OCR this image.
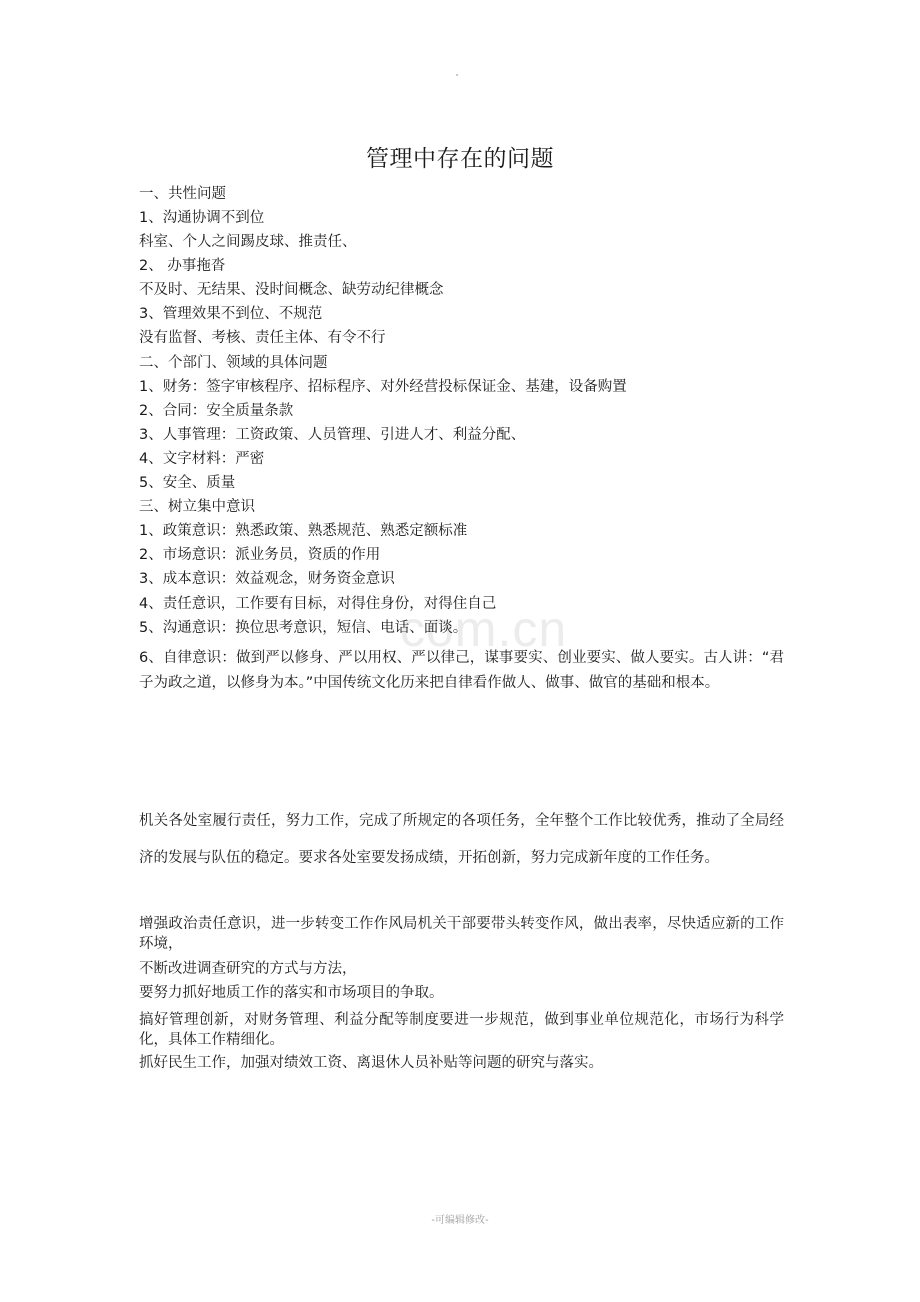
com.cn
管理中存在的问题
一、共性问题
1、沟通协调不到位
科室、个人之间踢皮球、推责任、
2、 办事拖沓
不及时、无结果、没时间概念、缺劳动纪律概念
3、管理效果不到位、不规范
没有监督、考核、责任主体、有令不行
二、个部门、领域的具体问题
1、财务：签字审核程序、招标程序、对外经营投标保证金、基建，设备购置
2、合同：安全质量条款
3、人事管理：工资政策、人员管理、引进人才、利益分配、
4、文字材料：严密
5、安全、质量
三、树立集中意识
1、政策意识：熟悉政策、熟悉规范、熟悉定额标准
2、市场意识：派业务员，资质的作用
3、成本意识：效益观念，财务资金意识
4、责任意识，工作要有目标，对得住身份，对得住自己
5、沟通意识：换位思考意识，短信、电话、面谈。
6、自律意识：做到严以修身、严以用权、严以律己，谋事要实、创业要实、做人要实。古人讲：“君子为政之道，以修身为本。”中国传统文化历来把自律看作做人、做事、做官的基础和根本。
机关各处室履行责任，努力工作，完成了所规定的各项任务，全年整个工作比较优秀，推动了全局经济的发展与队伍的稳定。要求各处室要发扬成绩，开拓创新，努力完成新年度的工作任务。
增强政治责任意识，进一步转变工作作风局机关干部要带头转变作风，做出表率，尽快适应新的工作环境，
不断改进调查研究的方式与方法，
要努力抓好地质工作的落实和市场项目的争取。
搞好管理创新，对财务管理、利益分配等制度要进一步规范，做到事业单位规范化，市场行为科学化，具体工作精细化。
抓好民生工作，加强对绩效工资、离退休人员补贴等问题的研究与落实。
-可编辑修改-
